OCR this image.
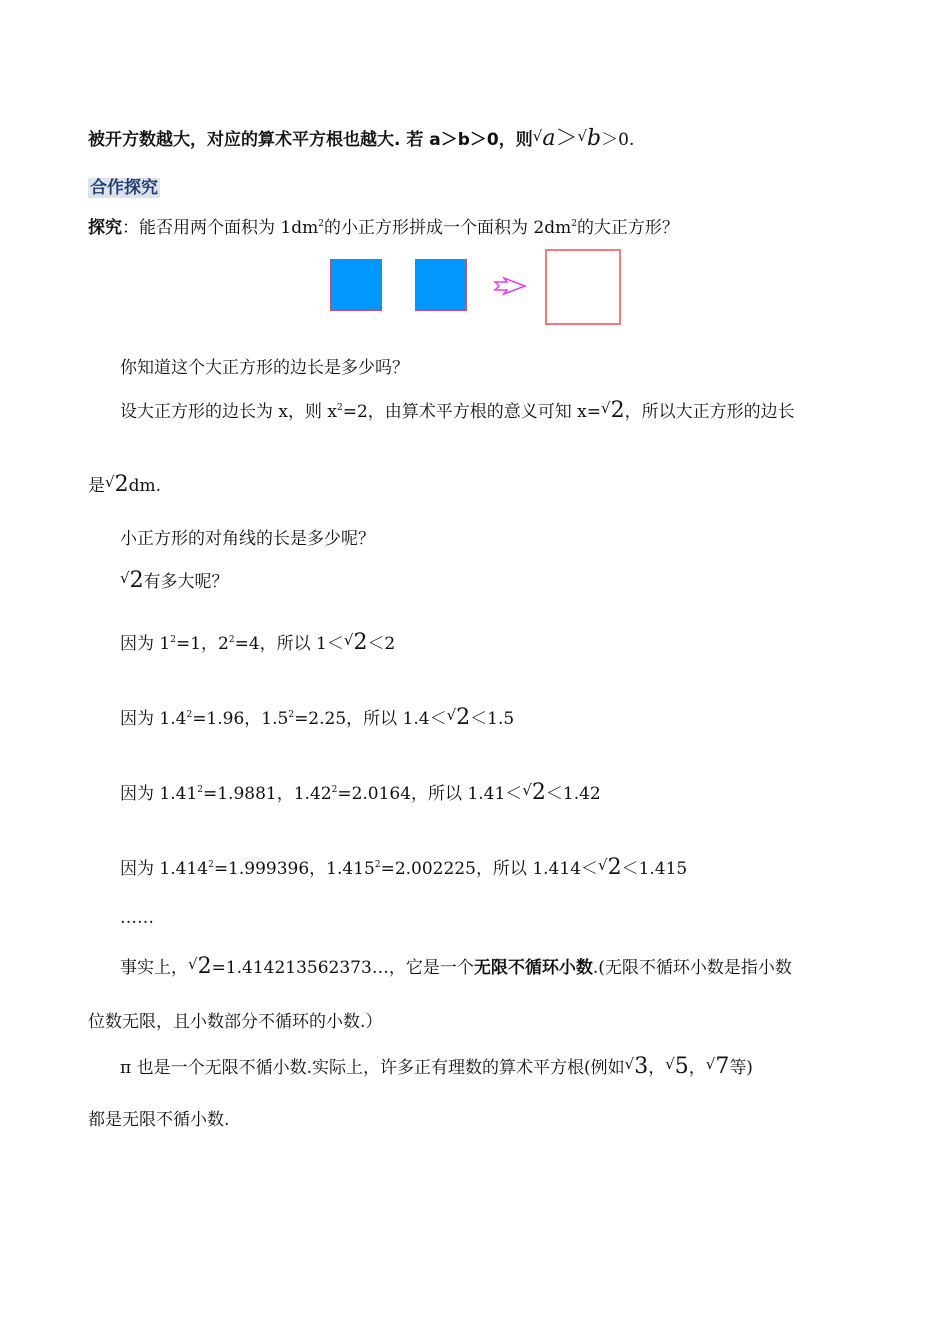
被开方数越大，对应的算术平方根也越大. 若 a＞b＞0，则√a＞√b＞0.
合作探究
探究：能否用两个面积为 $1dm^2$的小正方形拼成一个面积为 $2dm^2$的大正方形？
你知道这个大正方形的边长是多少吗？
设大正方形的边长为 x，则 $x^2=2$，由算术平方根的意义可知 x=√2，所以大正方形的边长
是√2dm.
小正方形的对角线的长是多少呢？
√2有多大呢？
因为 $1^2=1$，$2^2=4$，所以 1＜√2＜2
因为 $1.4^2=1.96$，$1.5^2=2.25$，所以 1.4＜√2＜1.5
因为 $1.41^2=1.9881$，$1.42^2=2.0164$，所以 1.41＜√2＜1.42
因为 $1.414^2=1.999396$，$1.415^2=2.002225$，所以 1.414＜√2＜1.415
……
事实上，√2=1.414213562373…，它是一个无限不循环小数.(无限不循环小数是指小数
位数无限，且小数部分不循环的小数.）
π 也是一个无限不循小数.实际上，许多正有理数的算术平方根(例如√3，√5，√7等)
都是无限不循小数.
